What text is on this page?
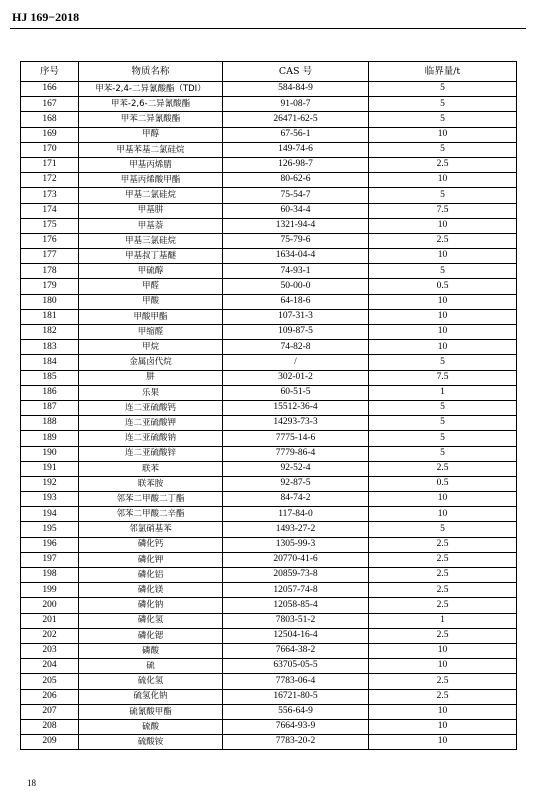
HJ 169−2018
序号	物质名称	CAS 号	临界量/t
166	甲苯-2,4-二异氰酸酯（TDI）	584-84-9	5
167	甲苯-2,6-二异氰酸酯	91-08-7	5
168	甲苯二异氰酸酯	26471-62-5	5
169	甲醇	67-56-1	10
170	甲基苯基二氯硅烷	149-74-6	5
171	甲基丙烯腈	126-98-7	2.5
172	甲基丙烯酸甲酯	80-62-6	10
173	甲基二氯硅烷	75-54-7	5
174	甲基肼	60-34-4	7.5
175	甲基萘	1321-94-4	10
176	甲基三氯硅烷	75-79-6	2.5
177	甲基叔丁基醚	1634-04-4	10
178	甲硫醇	74-93-1	5
179	甲醛	50-00-0	0.5
180	甲酸	64-18-6	10
181	甲酸甲酯	107-31-3	10
182	甲缩醛	109-87-5	10
183	甲烷	74-82-8	10
184	金属卤代烷	/	5
185	肼	302-01-2	7.5
186	乐果	60-51-5	1
187	连二亚硫酸钙	15512-36-4	5
188	连二亚硫酸钾	14293-73-3	5
189	连二亚硫酸钠	7775-14-6	5
190	连二亚硫酸锌	7779-86-4	5
191	联苯	92-52-4	2.5
192	联苯胺	92-87-5	0.5
193	邻苯二甲酸二丁酯	84-74-2	10
194	邻苯二甲酸二辛酯	117-84-0	10
195	邻氯硝基苯	1493-27-2	5
196	磷化钙	1305-99-3	2.5
197	磷化钾	20770-41-6	2.5
198	磷化铝	20859-73-8	2.5
199	磷化镁	12057-74-8	2.5
200	磷化钠	12058-85-4	2.5
201	磷化氢	7803-51-2	1
202	磷化锶	12504-16-4	2.5
203	磷酸	7664-38-2	10
204	硫	63705-05-5	10
205	硫化氢	7783-06-4	2.5
206	硫氢化钠	16721-80-5	2.5
207	硫氰酸甲酯	556-64-9	10
208	硫酸	7664-93-9	10
209	硫酸铵	7783-20-2	10
18
